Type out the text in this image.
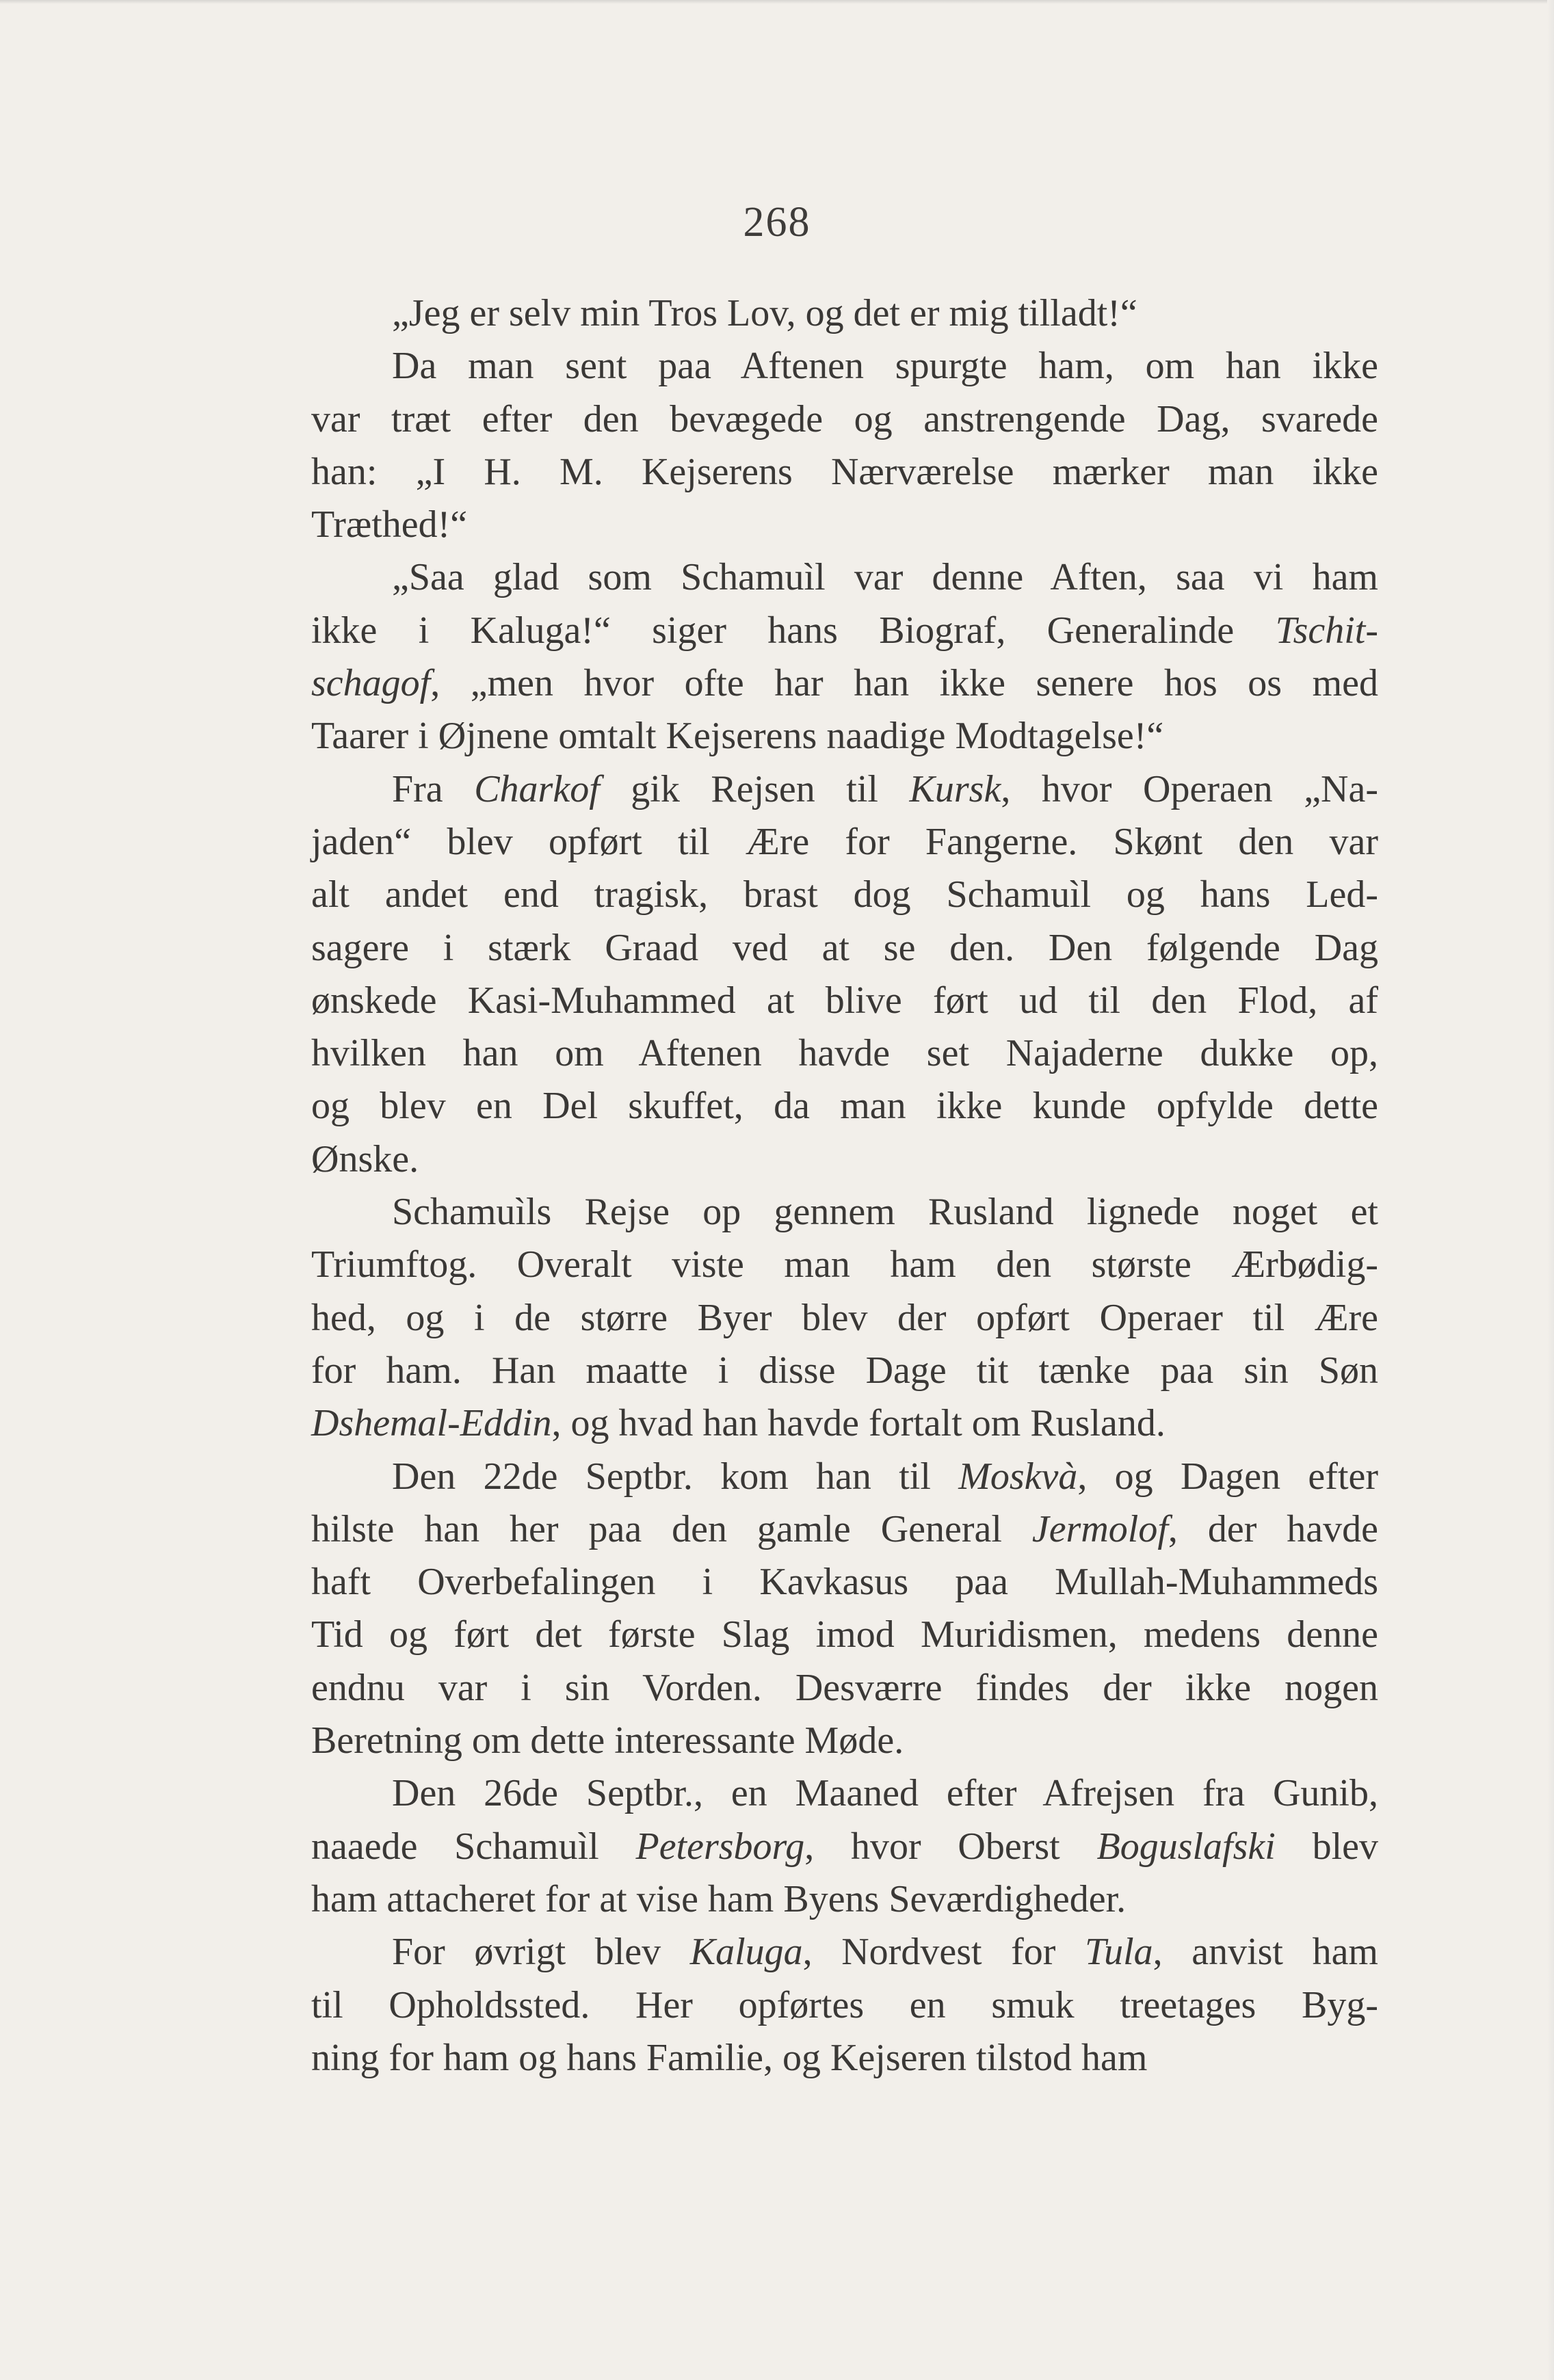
268
„Jeg er selv min Tros Lov, og det er mig tilladt!“
Da man sent paa Aftenen spurgte ham, om han ikke
var træt efter den bevægede og anstrengende Dag, svarede
han: „I H. M. Kejserens Nærværelse mærker man ikke
Træthed!“
„Saa glad som Schamuìl var denne Aften, saa vi ham
ikke i Kaluga!“ siger hans Biograf, Generalinde Tschit-
schagof, „men hvor ofte har han ikke senere hos os med
Taarer i Øjnene omtalt Kejserens naadige Modtagelse!“
Fra Charkof gik Rejsen til Kursk, hvor Operaen „Na-
jaden“ blev opført til Ære for Fangerne. Skønt den var
alt andet end tragisk, brast dog Schamuìl og hans Led-
sagere i stærk Graad ved at se den. Den følgende Dag
ønskede Kasi-Muhammed at blive ført ud til den Flod, af
hvilken han om Aftenen havde set Najaderne dukke op,
og blev en Del skuffet, da man ikke kunde opfylde dette
Ønske.
Schamuìls Rejse op gennem Rusland lignede noget et
Triumftog. Overalt viste man ham den største Ærbødig-
hed, og i de større Byer blev der opført Operaer til Ære
for ham. Han maatte i disse Dage tit tænke paa sin Søn
Dshemal-Eddin, og hvad han havde fortalt om Rusland.
Den 22de Septbr. kom han til Moskvà, og Dagen efter
hilste han her paa den gamle General Jermolof, der havde
haft Overbefalingen i Kavkasus paa Mullah-Muhammeds
Tid og ført det første Slag imod Muridismen, medens denne
endnu var i sin Vorden. Desværre findes der ikke nogen
Beretning om dette interessante Møde.
Den 26de Septbr., en Maaned efter Afrejsen fra Gunib,
naaede Schamuìl Petersborg, hvor Oberst Boguslafski blev
ham attacheret for at vise ham Byens Seværdigheder.
For øvrigt blev Kaluga, Nordvest for Tula, anvist ham
til Opholdssted. Her opførtes en smuk treetages Byg-
ning for ham og hans Familie, og Kejseren tilstod ham
